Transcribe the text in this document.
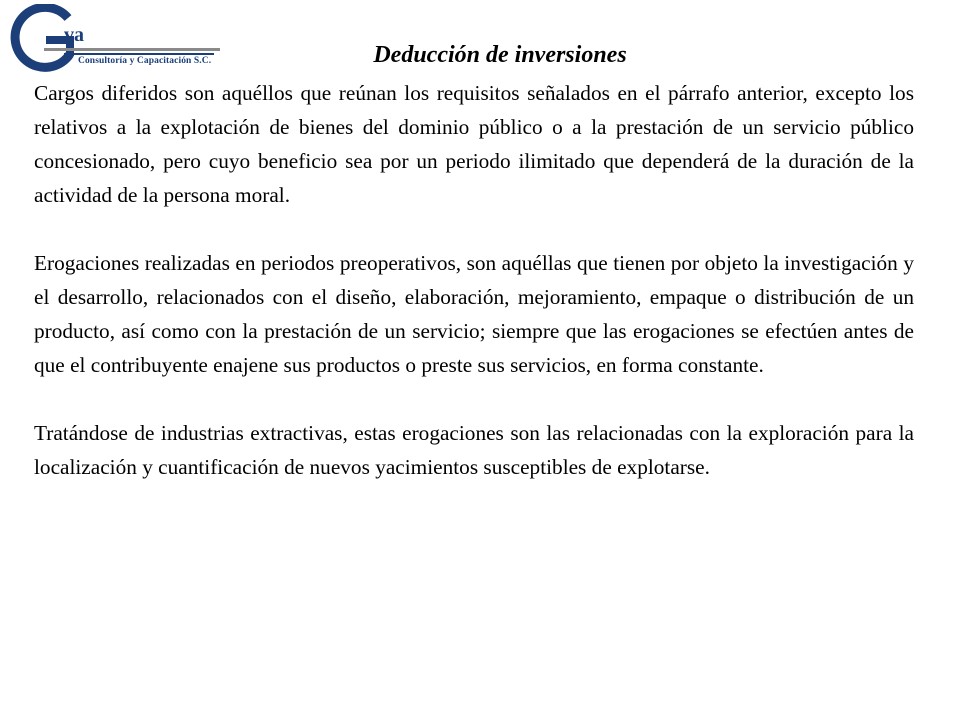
va
Consultoría y Capacitación S.C.	Deducción de inversiones

Cargos diferidos son aquéllos que reúnan los requisitos señalados en el párrafo anterior, excepto los relativos a la explotación de bienes del dominio público o a la prestación de un servicio público concesionado, pero cuyo beneficio sea por un periodo ilimitado que dependerá de la duración de la actividad de la persona moral.

Erogaciones realizadas en periodos preoperativos, son aquéllas que tienen por objeto la investigación y el desarrollo, relacionados con el diseño, elaboración, mejoramiento, empaque o distribución de un producto, así como con la prestación de un servicio; siempre que las erogaciones se efectúen antes de que el contribuyente enajene sus productos o preste sus servicios, en forma constante.

Tratándose de industrias extractivas, estas erogaciones son las relacionadas con la exploración para la localización y cuantificación de nuevos yacimientos susceptibles de explotarse.
